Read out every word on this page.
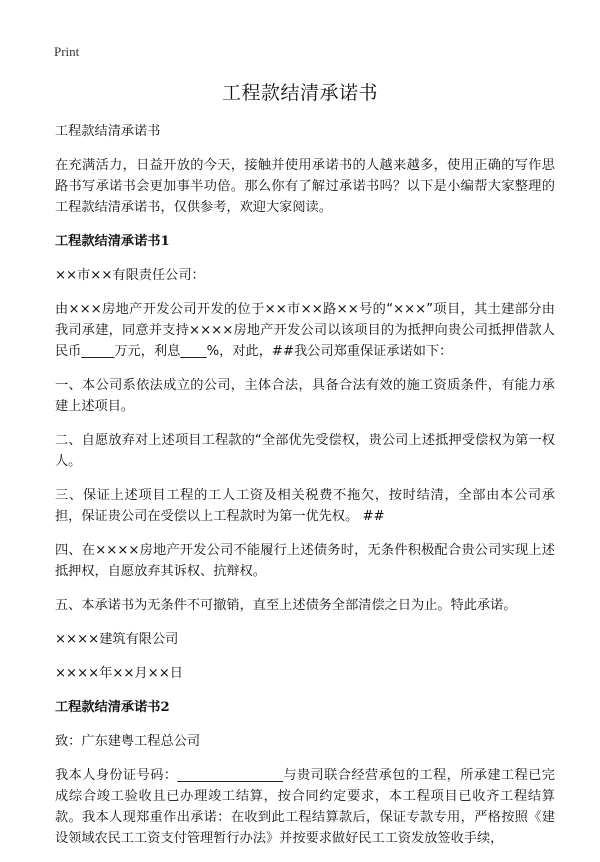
Print
工程款结清承诺书

工程款结清承诺书

在充满活力，日益开放的今天，接触并使用承诺书的人越来越多，使用正确的写作思路书写承诺书会更加事半功倍。那么你有了解过承诺书吗？以下是小编帮大家整理的工程款结清承诺书，仅供参考，欢迎大家阅读。

工程款结清承诺书1

××市××有限责任公司：

由×××房地产开发公司开发的位于××市××路××号的“×××”项目，其土建部分由我司承建，同意并支持××××房地产开发公司以该项目的为抵押向贵公司抵押借款人民币_____万元，利息____%，对此，##我公司郑重保证承诺如下：

一、本公司系依法成立的公司，主体合法，具备合法有效的施工资质条件，有能力承建上述项目。

二、自愿放弃对上述项目工程款的“全部优先受偿权，贵公司上述抵押受偿权为第一权人。

三、保证上述项目工程的工人工资及相关税费不拖欠，按时结清，全部由本公司承担，保证贵公司在受偿以上工程款时为第一优先权。 ##

四、在××××房地产开发公司不能履行上述债务时，无条件积极配合贵公司实现上述抵押权，自愿放弃其诉权、抗辩权。

五、本承诺书为无条件不可撤销，直至上述债务全部清偿之日为止。特此承诺。

××××建筑有限公司

××××年××月××日

工程款结清承诺书2

致：广东建粤工程总公司

我本人身份证号码：________________与贵司联合经营承包的工程，所承建工程已完成综合竣工验收且已办理竣工结算，按合同约定要求，本工程项目已收齐工程结算款。我本人现郑重作出承诺：在收到此工程结算款后，保证专款专用，严格按照《建设领域农民工工资支付管理暂行办法》并按要求做好民工工资发放签收手续，
